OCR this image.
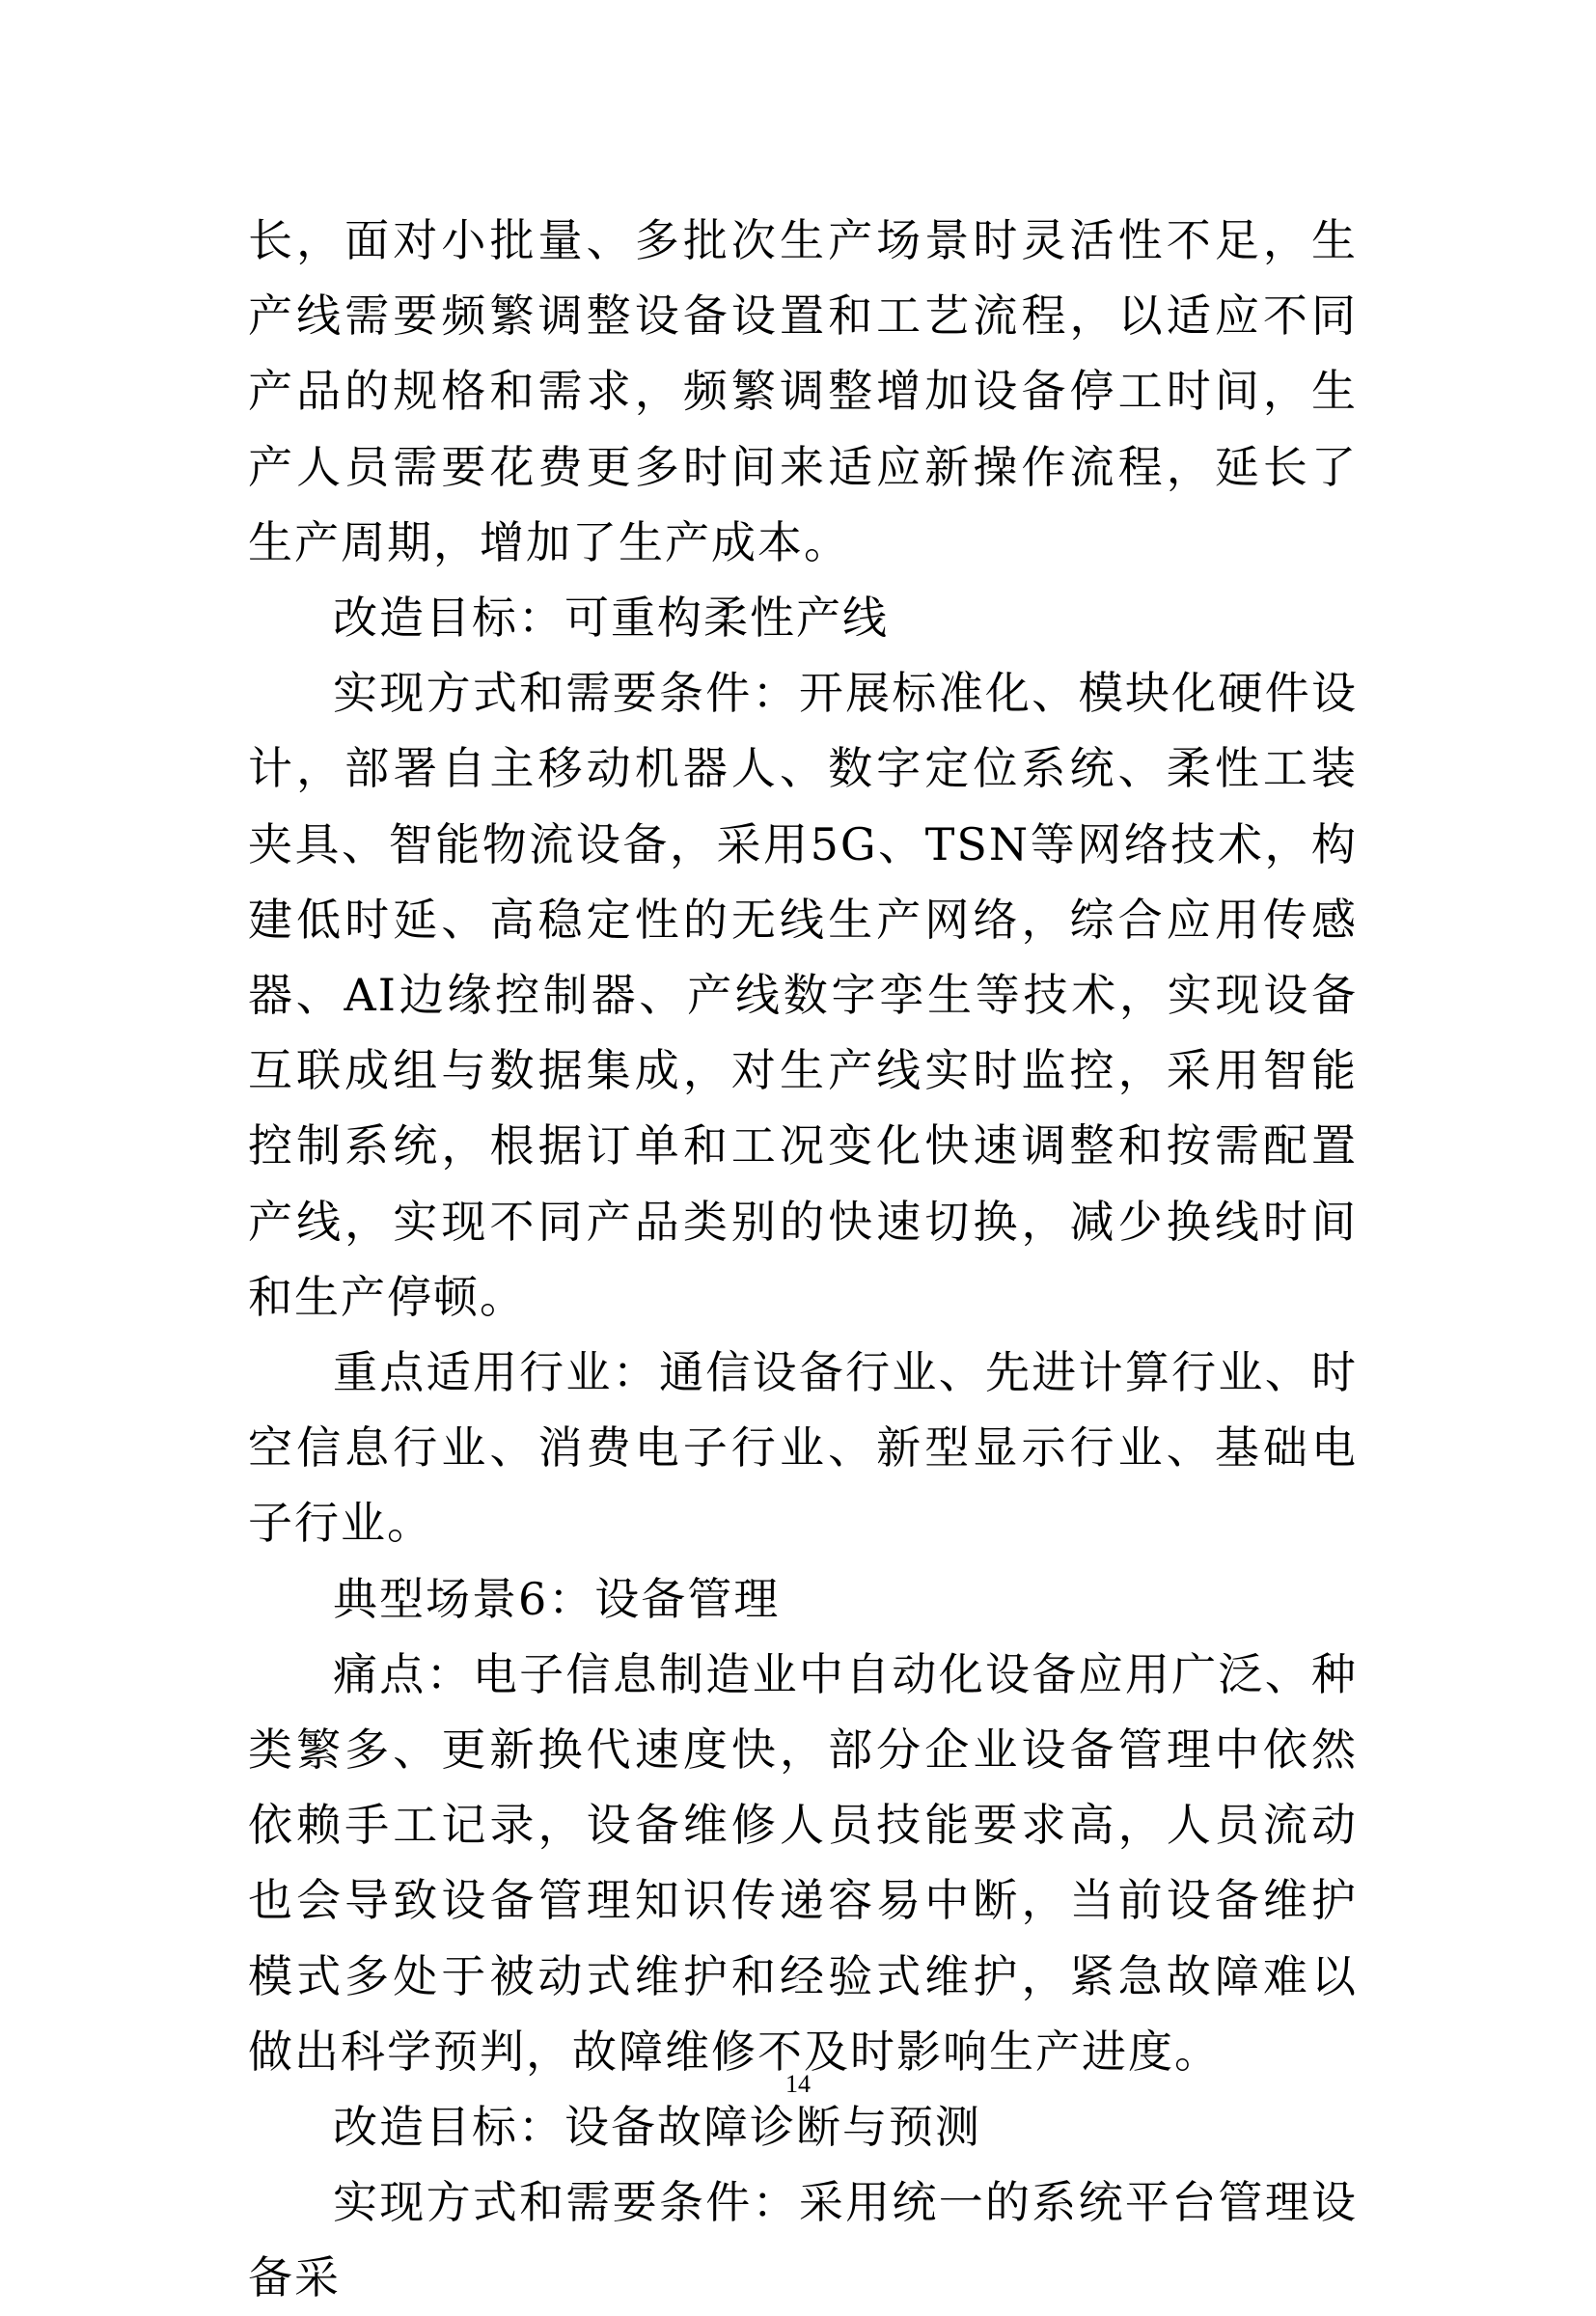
长，面对小批量、多批次生产场景时灵活性不足，生产线需要频繁调整设备设置和工艺流程，以适应不同产品的规格和需求，频繁调整增加设备停工时间，生产人员需要花费更多时间来适应新操作流程，延长了生产周期，增加了生产成本。

改造目标：可重构柔性产线

实现方式和需要条件：开展标准化、模块化硬件设计，部署自主移动机器人、数字定位系统、柔性工装夹具、智能物流设备，采用5G、TSN等网络技术，构建低时延、高稳定性的无线生产网络，综合应用传感器、AI边缘控制器、产线数字孪生等技术，实现设备互联成组与数据集成，对生产线实时监控，采用智能控制系统，根据订单和工况变化快速调整和按需配置产线，实现不同产品类别的快速切换，减少换线时间和生产停顿。

重点适用行业：通信设备行业、先进计算行业、时空信息行业、消费电子行业、新型显示行业、基础电子行业。

典型场景6：设备管理

痛点：电子信息制造业中自动化设备应用广泛、种类繁多、更新换代速度快，部分企业设备管理中依然依赖手工记录，设备维修人员技能要求高，人员流动也会导致设备管理知识传递容易中断，当前设备维护模式多处于被动式维护和经验式维护，紧急故障难以做出科学预判，故障维修不及时影响生产进度。

改造目标：设备故障诊断与预测

实现方式和需要条件：采用统一的系统平台管理设备采

14
